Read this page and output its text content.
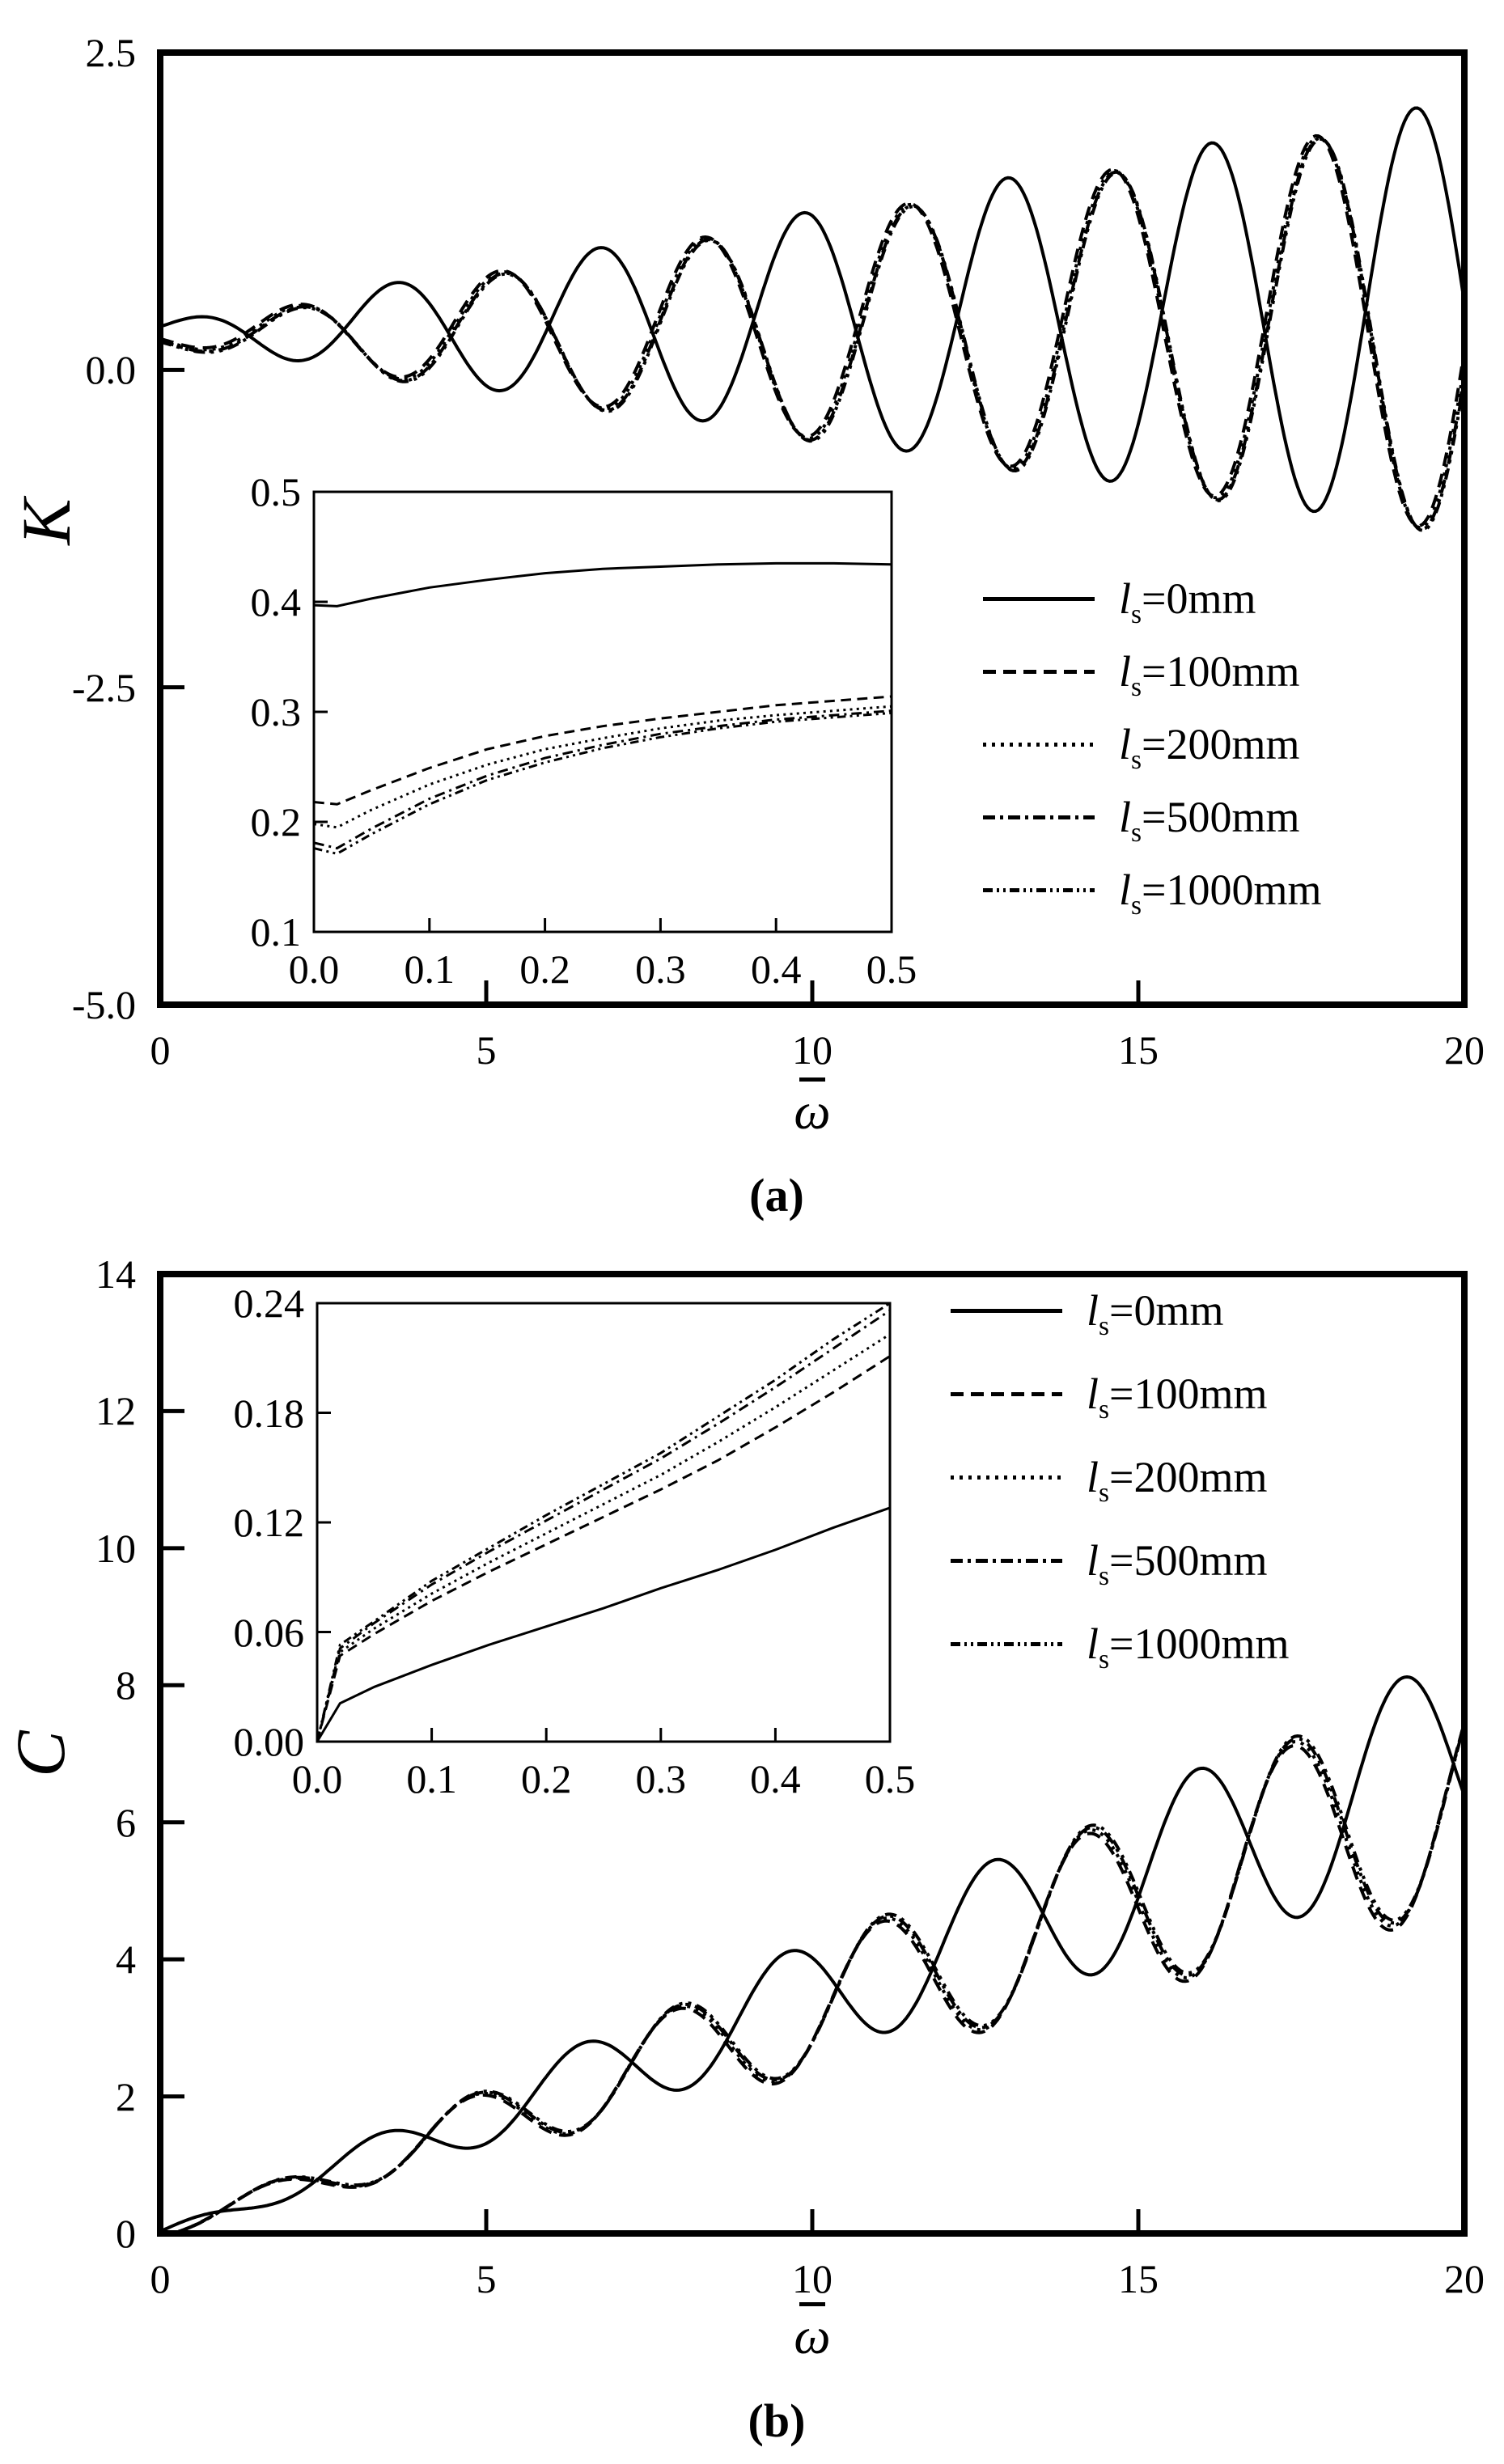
0	5	10	15	20
2.5
0.0
-2.5
-5.0
0.0	0.1	0.2	0.3	0.4	0.5
0.5
0.4
0.3
0.2
0.1
0	5	10	15	20
14
12
10
8
6
4
2
0
0.0	0.1	0.2	0.3	0.4	0.5
0.24
0.18
0.12
0.06
0.00
K
ω
(a)
C
ω
(b)
$l_s=0mm$
$l_s=100mm$
$l_s=200mm$
$l_s=500mm$
$l_s=1000mm$
$l_s=0mm$
$l_s=100mm$
$l_s=200mm$
$l_s=500mm$
$l_s=1000mm$
